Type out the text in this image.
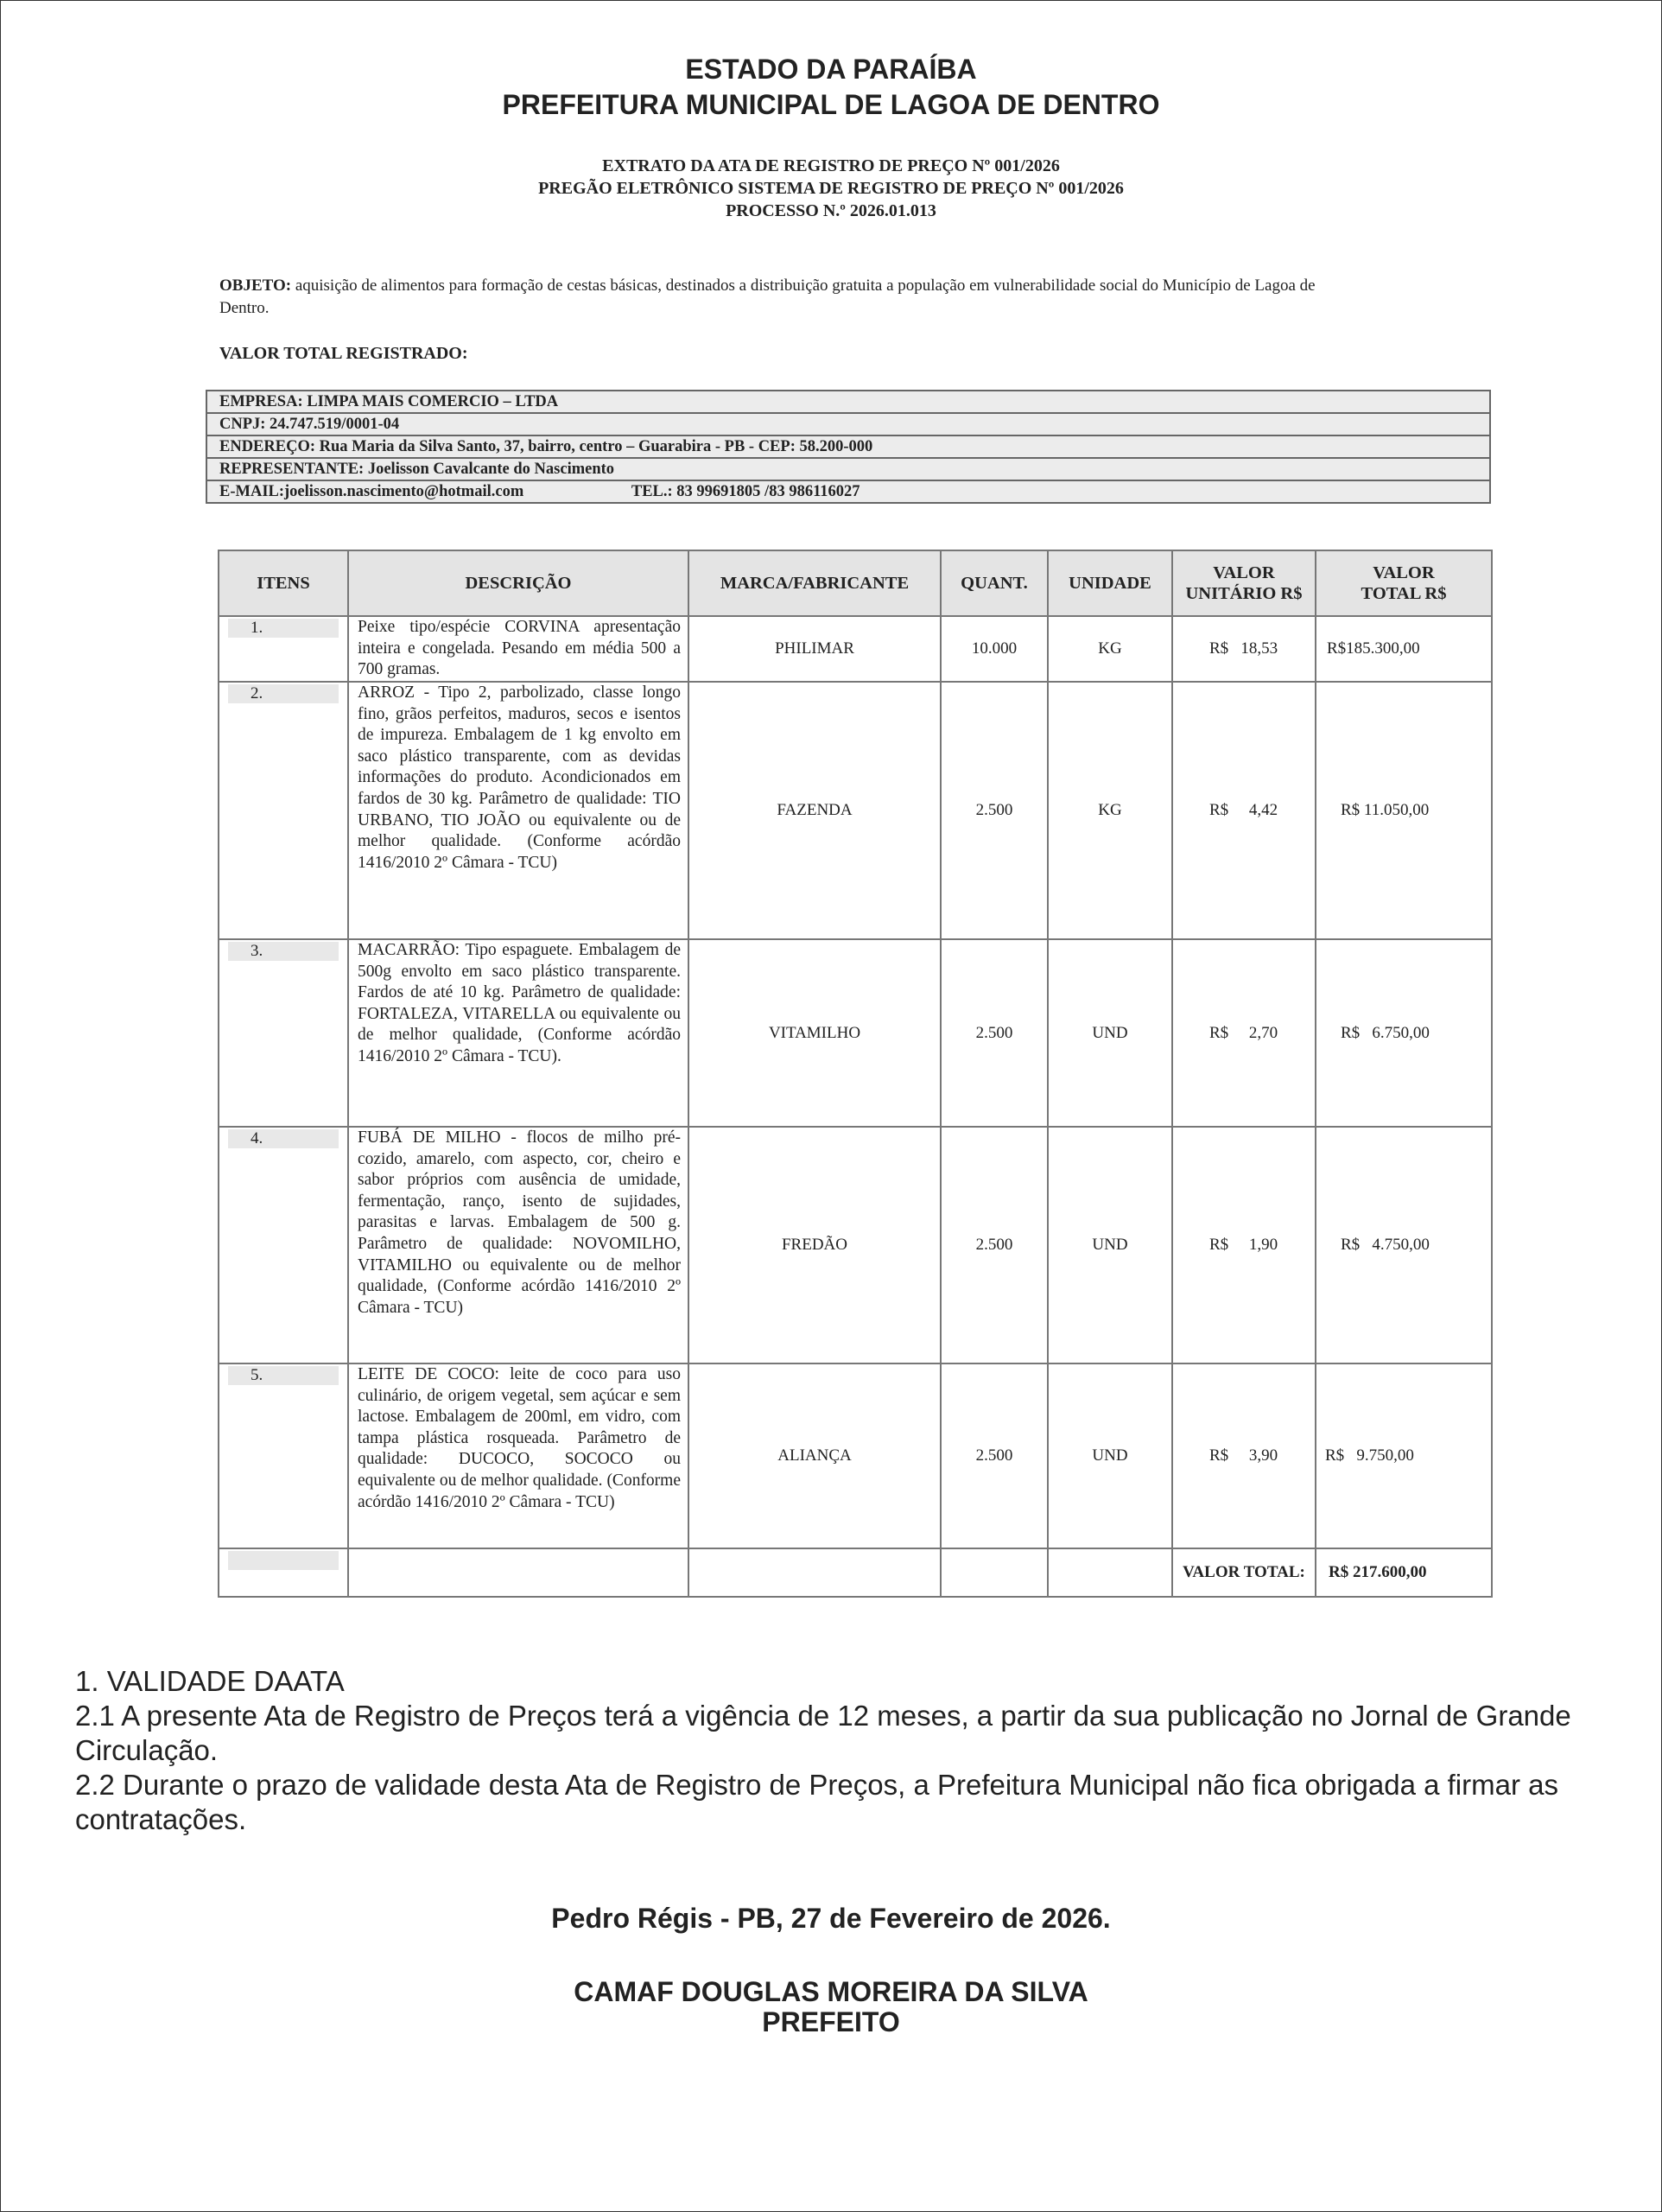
ESTADO DA PARAÍBA
PREFEITURA MUNICIPAL DE LAGOA DE DENTRO
EXTRATO DA ATA DE REGISTRO DE PREÇO Nº 001/2026
PREGÃO ELETRÔNICO SISTEMA DE REGISTRO DE PREÇO Nº 001/2026
PROCESSO N.º 2026.01.013
OBJETO: aquisição de alimentos para formação de cestas básicas, destinados a distribuição gratuita a população em vulnerabilidade social do Município de Lagoa de Dentro.
VALOR TOTAL REGISTRADO:
EMPRESA: LIMPA MAIS COMERCIO – LTDA
CNPJ: 24.747.519/0001-04
ENDEREÇO: Rua Maria da Silva Santo, 37, bairro, centro – Guarabira - PB - CEP: 58.200-000
REPRESENTANTE: Joelisson Cavalcante do Nascimento
E-MAIL:joelisson.nascimento@hotmail.com	TEL.: 83 99691805 /83 986116027
ITENS	DESCRIÇÃO	MARCA/FABRICANTE	QUANT.	UNIDADE	VALOR UNITÁRIO R$	VALOR TOTAL R$

1.	Peixe tipo/espécie CORVINA apresentação inteira e congelada. Pesando em média 500 a 700 gramas.	PHILIMAR	10.000	KG	R$   18,53	R$185.300,00

2.	ARROZ - Tipo 2, parbolizado, classe longo fino, grãos perfeitos, maduros, secos e isentos de impureza. Embalagem de 1 kg envolto em saco plástico transparente, com as devidas informações do produto. Acondicionados em fardos de 30 kg. Parâmetro de qualidade: TIO URBANO, TIO JOÃO ou equivalente ou de melhor qualidade. (Conforme acórdão 1416/2010 2º Câmara - TCU)	FAZENDA	2.500	KG	R$     4,42	R$ 11.050,00

3.	MACARRÃO: Tipo espaguete. Embalagem de 500g envolto em saco plástico transparente. Fardos de até 10 kg. Parâmetro de qualidade: FORTALEZA, VITARELLA ou equivalente ou de melhor qualidade, (Conforme acórdão 1416/2010 2º Câmara - TCU).	VITAMILHO	2.500	UND	R$     2,70	R$   6.750,00

4.	FUBÁ DE MILHO - flocos de milho pré-cozido, amarelo, com aspecto, cor, cheiro e sabor próprios com ausência de umidade, fermentação, ranço, isento de sujidades, parasitas e larvas. Embalagem de 500 g. Parâmetro de qualidade: NOVOMILHO, VITAMILHO ou equivalente ou de melhor qualidade, (Conforme acórdão 1416/2010 2º Câmara - TCU)	FREDÃO	2.500	UND	R$     1,90	R$   4.750,00

5.	LEITE DE COCO: leite de coco para uso culinário, de origem vegetal, sem açúcar e sem lactose. Embalagem de 200ml, em vidro, com tampa plástica rosqueada. Parâmetro de qualidade: DUCOCO, SOCOCO ou equivalente ou de melhor qualidade. (Conforme acórdão 1416/2010 2º Câmara - TCU)	ALIANÇA	2.500	UND	R$     3,90	R$   9.750,00

					VALOR TOTAL:	R$ 217.600,00
1. VALIDADE DAATA
2.1 A presente Ata de Registro de Preços terá a vigência de 12 meses, a partir da sua publicação no Jornal de Grande Circulação.
2.2 Durante o prazo de validade desta Ata de Registro de Preços, a Prefeitura Municipal não fica obrigada a firmar as contratações.
Pedro Régis - PB, 27 de Fevereiro de 2026.
CAMAF DOUGLAS MOREIRA DA SILVA
PREFEITO
